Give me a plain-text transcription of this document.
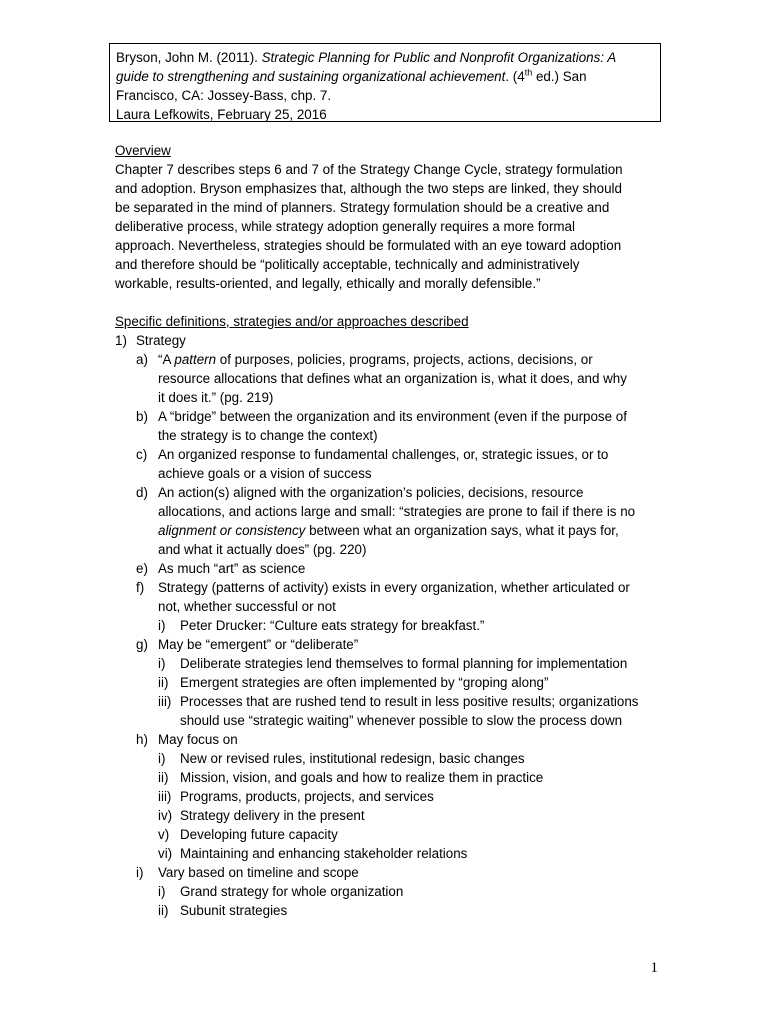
Bryson, John M. (2011). Strategic Planning for Public and Nonprofit Organizations: A

guide to strengthening and sustaining organizational achievement. (4th ed.) San

Francisco, CA: Jossey-Bass, chp. 7.

Laura Lefkowits, February 25, 2016

Overview

Chapter 7 describes steps 6 and 7 of the Strategy Change Cycle, strategy formulation

and adoption. Bryson emphasizes that, although the two steps are linked, they should

be separated in the mind of planners. Strategy formulation should be a creative and

deliberative process, while strategy adoption generally requires a more formal

approach. Nevertheless, strategies should be formulated with an eye toward adoption

and therefore should be “politically acceptable, technically and administratively

workable, results-oriented, and legally, ethically and morally defensible.”

Specific definitions, strategies and/or approaches described

1) Strategy
a) “A pattern of purposes, policies, programs, projects, actions, decisions, or
resource allocations that defines what an organization is, what it does, and why
it does it.” (pg. 219)
b) A “bridge” between the organization and its environment (even if the purpose of
the strategy is to change the context)
c) An organized response to fundamental challenges, or, strategic issues, or to
achieve goals or a vision of success
d) An action(s) aligned with the organization’s policies, decisions, resource
allocations, and actions large and small: “strategies are prone to fail if there is no
alignment or consistency between what an organization says, what it pays for,
and what it actually does” (pg. 220)
e) As much “art” as science
f)	Strategy (patterns of activity) exists in every organization, whether articulated or
not, whether successful or not
i)	Peter Drucker: “Culture eats strategy for breakfast.”
g) May be “emergent” or “deliberate”
i)	Deliberate strategies lend themselves to formal planning for implementation
ii) Emergent strategies are often implemented by “groping along”
iii) Processes that are rushed tend to result in less positive results; organizations
should use “strategic waiting” whenever possible to slow the process down
h) May focus on
i)	New or revised rules, institutional redesign, basic changes
ii) Mission, vision, and goals and how to realize them in practice
iii) Programs, products, projects, and services
iv) Strategy delivery in the present
v) Developing future capacity
vi) Maintaining and enhancing stakeholder relations
i)	Vary based on timeline and scope
i)	Grand strategy for whole organization
ii) Subunit strategies
1
